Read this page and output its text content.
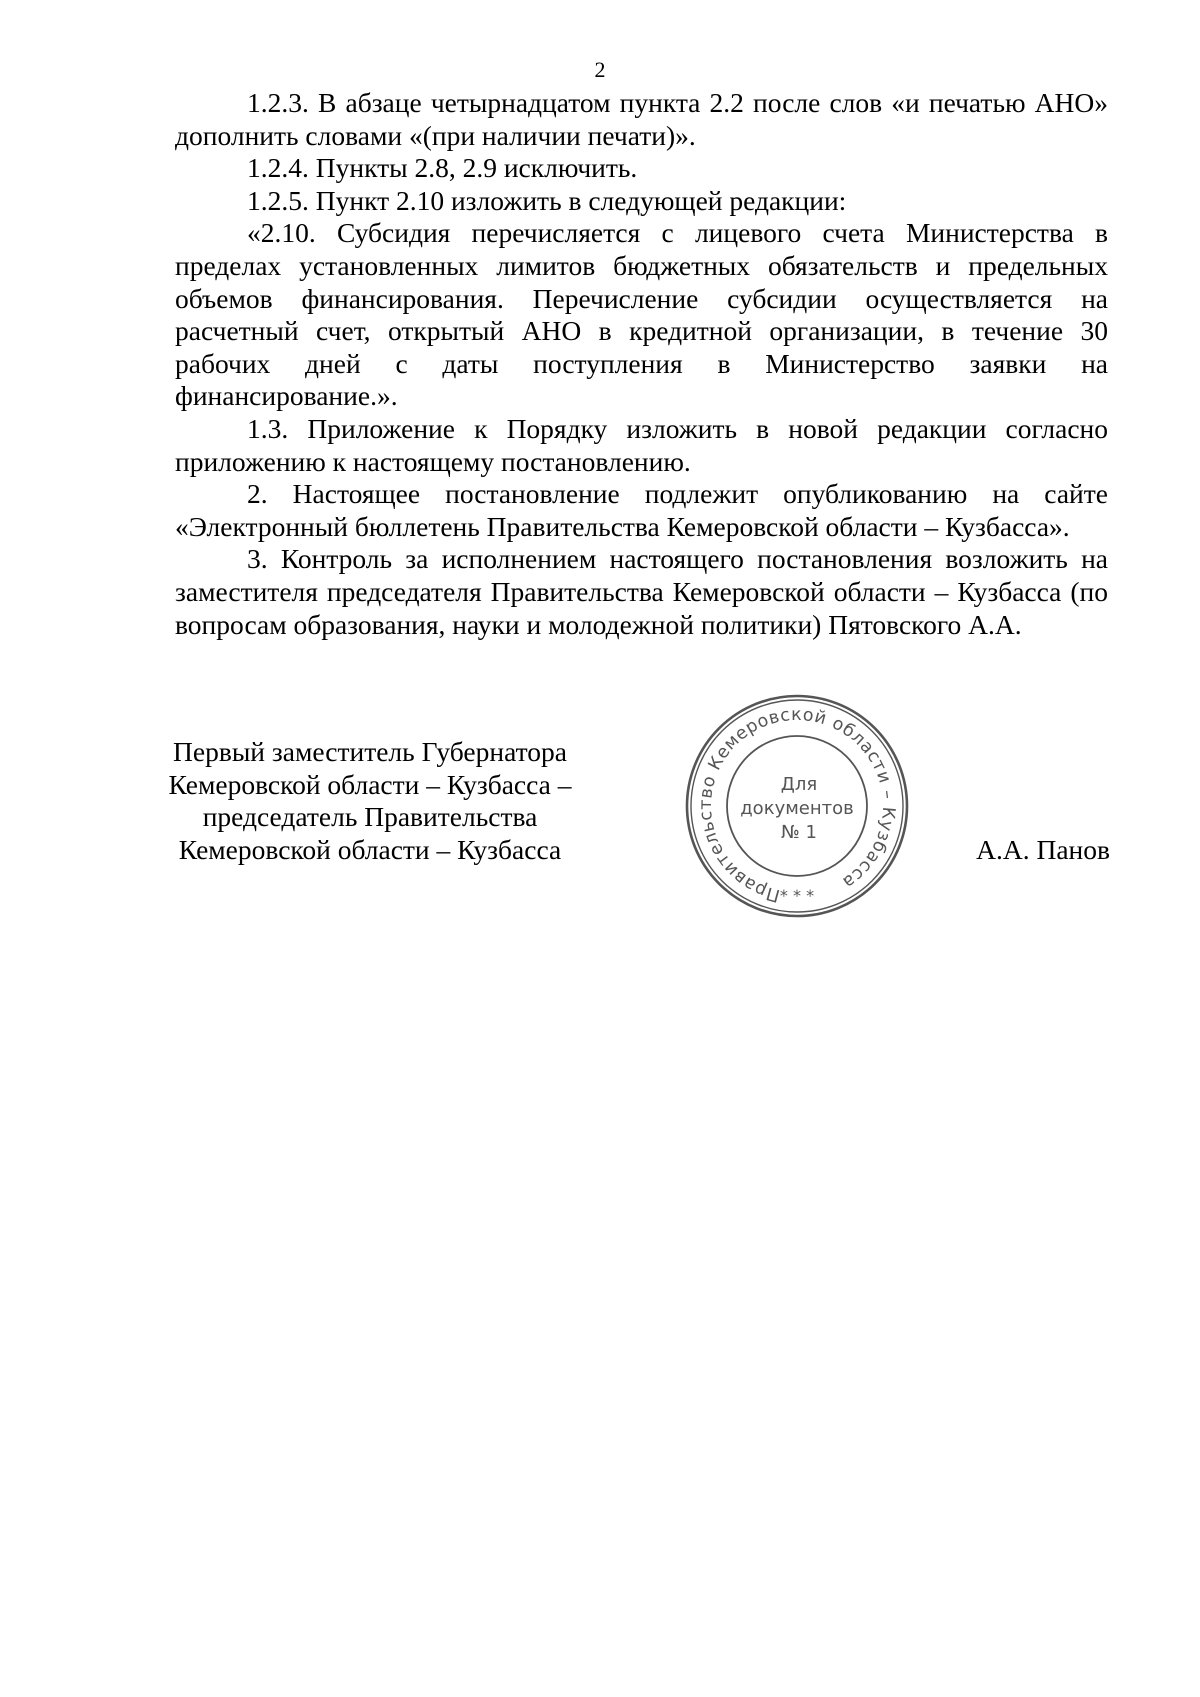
2

1.2.3. В абзаце четырнадцатом пункта 2.2 после слов «и печатью АНО» дополнить словами «(при наличии печати)».

1.2.4. Пункты 2.8, 2.9 исключить.

1.2.5. Пункт 2.10 изложить в следующей редакции:

«2.10. Субсидия перечисляется с лицевого счета Министерства в пределах установленных лимитов бюджетных обязательств и предельных объемов финансирования. Перечисление субсидии осуществляется на расчетный счет, открытый АНО в кредитной организации, в течение 30 рабочих дней с даты поступления в Министерство заявки на финансирование.».

1.3. Приложение к Порядку изложить в новой редакции согласно приложению к настоящему постановлению.

2. Настоящее постановление подлежит опубликованию на сайте «Электронный бюллетень Правительства Кемеровской области – Кузбасса».

3. Контроль за исполнением настоящего постановления возложить на заместителя председателя Правительства Кемеровской области – Кузбасса (по вопросам образования, науки и молодежной политики) Пятовского А.А.

Первый заместитель Губернатора
Кемеровской области – Кузбасса –
председатель Правительства
Кемеровской области – Кузбасса
Правительство Кемеровской области – Кузбасса
* * *
Для
документов
№ 1
А.А. Панов
